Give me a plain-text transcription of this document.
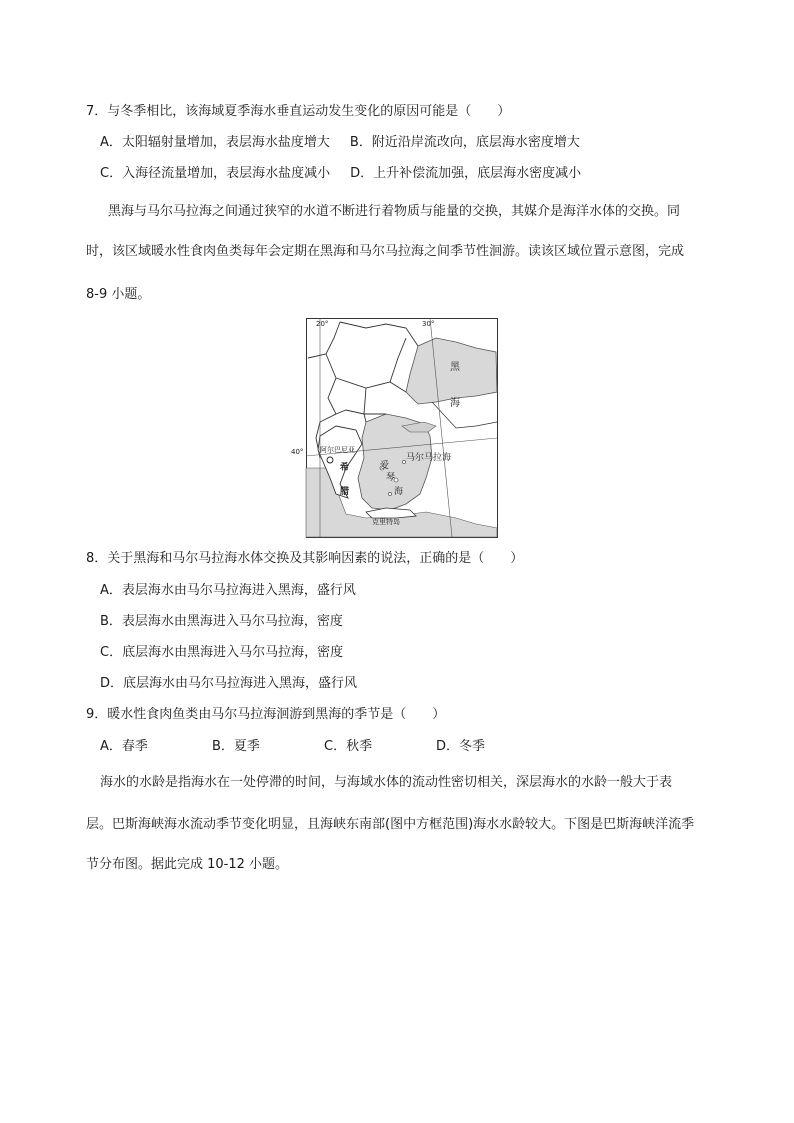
7．与冬季相比，该海域夏季海水垂直运动发生变化的原因可能是（　　）
A．太阳辐射量增加，表层海水盐度增大 B．附近沿岸流改向，底层海水密度增大
C．入海径流量增加，表层海水盐度减小 D．上升补偿流加强，底层海水密度减小
黑海与马尔马拉海之间通过狭窄的水道不断进行着物质与能量的交换，其媒介是海洋水体的交换。同
时，该区域暖水性食肉鱼类每年会定期在黑海和马尔马拉海之间季节性洄游。读该区域位置示意图，完成
8-9 小题。
20°	30°
40°
黑
海
马尔马拉海
阿尔巴尼亚
希
腊
爱
琴
海
克里特岛
8．关于黑海和马尔马拉海水体交换及其影响因素的说法，正确的是（　　）
A．表层海水由马尔马拉海进入黑海，盛行风
B．表层海水由黑海进入马尔马拉海，密度
C．底层海水由黑海进入马尔马拉海，密度
D．底层海水由马尔马拉海进入黑海，盛行风
9．暖水性食肉鱼类由马尔马拉海洄游到黑海的季节是（　　）
A．春季	B．夏季	C．秋季	D．冬季
海水的水龄是指海水在一处停滞的时间，与海域水体的流动性密切相关，深层海水的水龄一般大于表
层。巴斯海峡海水流动季节变化明显，且海峡东南部(图中方框范围)海水水龄较大。下图是巴斯海峡洋流季
节分布图。据此完成 10-12 小题。
